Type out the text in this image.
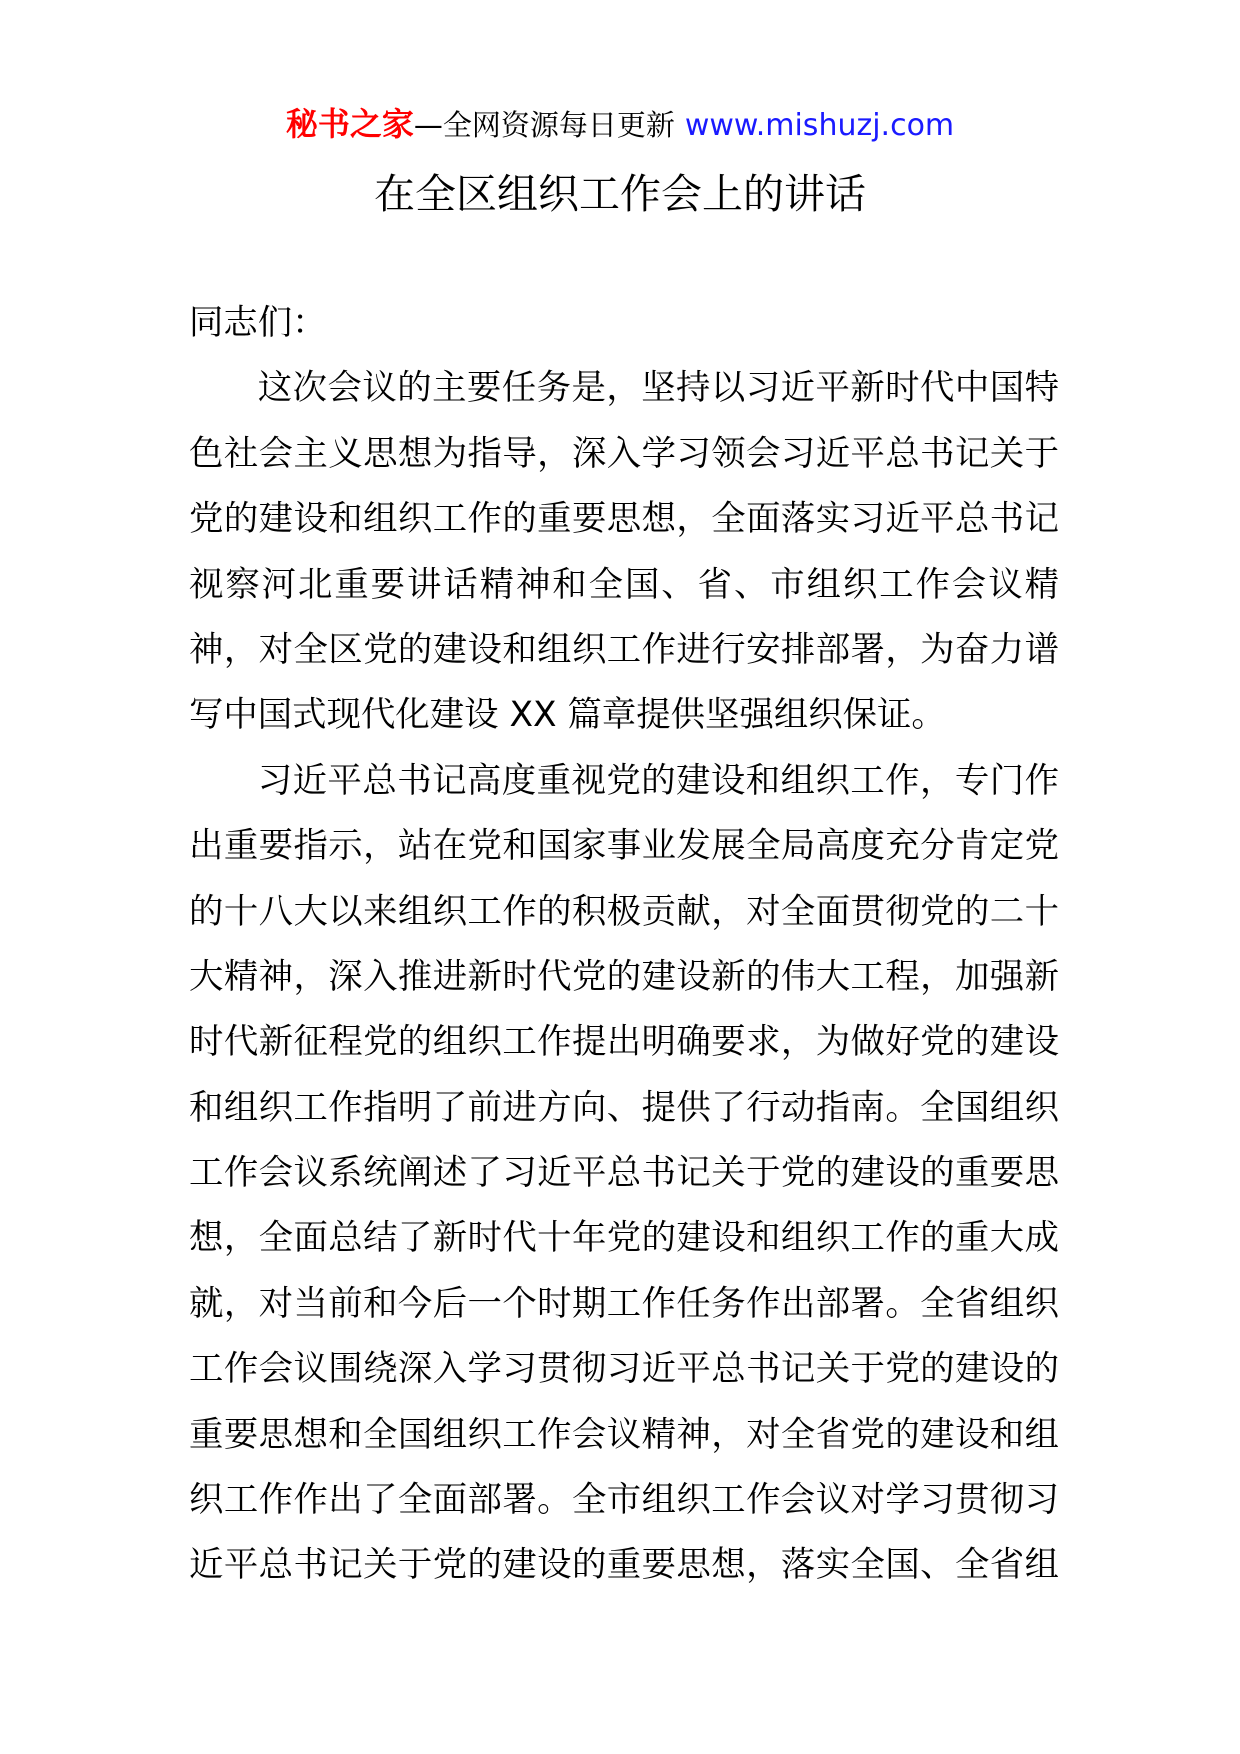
秘书之家—全网资源每日更新 www.mishuzj.com
在全区组织工作会上的讲话
同志们：
这次会议的主要任务是，坚持以习近平新时代中国特
色社会主义思想为指导，深入学习领会习近平总书记关于
党的建设和组织工作的重要思想，全面落实习近平总书记
视察河北重要讲话精神和全国、省、市组织工作会议精
神，对全区党的建设和组织工作进行安排部署，为奋力谱
写中国式现代化建设 XX 篇章提供坚强组织保证。
习近平总书记高度重视党的建设和组织工作，专门作
出重要指示，站在党和国家事业发展全局高度充分肯定党
的十八大以来组织工作的积极贡献，对全面贯彻党的二十
大精神，深入推进新时代党的建设新的伟大工程，加强新
时代新征程党的组织工作提出明确要求，为做好党的建设
和组织工作指明了前进方向、提供了行动指南。全国组织
工作会议系统阐述了习近平总书记关于党的建设的重要思
想，全面总结了新时代十年党的建设和组织工作的重大成
就，对当前和今后一个时期工作任务作出部署。全省组织
工作会议围绕深入学习贯彻习近平总书记关于党的建设的
重要思想和全国组织工作会议精神，对全省党的建设和组
织工作作出了全面部署。全市组织工作会议对学习贯彻习
近平总书记关于党的建设的重要思想，落实全国、全省组
